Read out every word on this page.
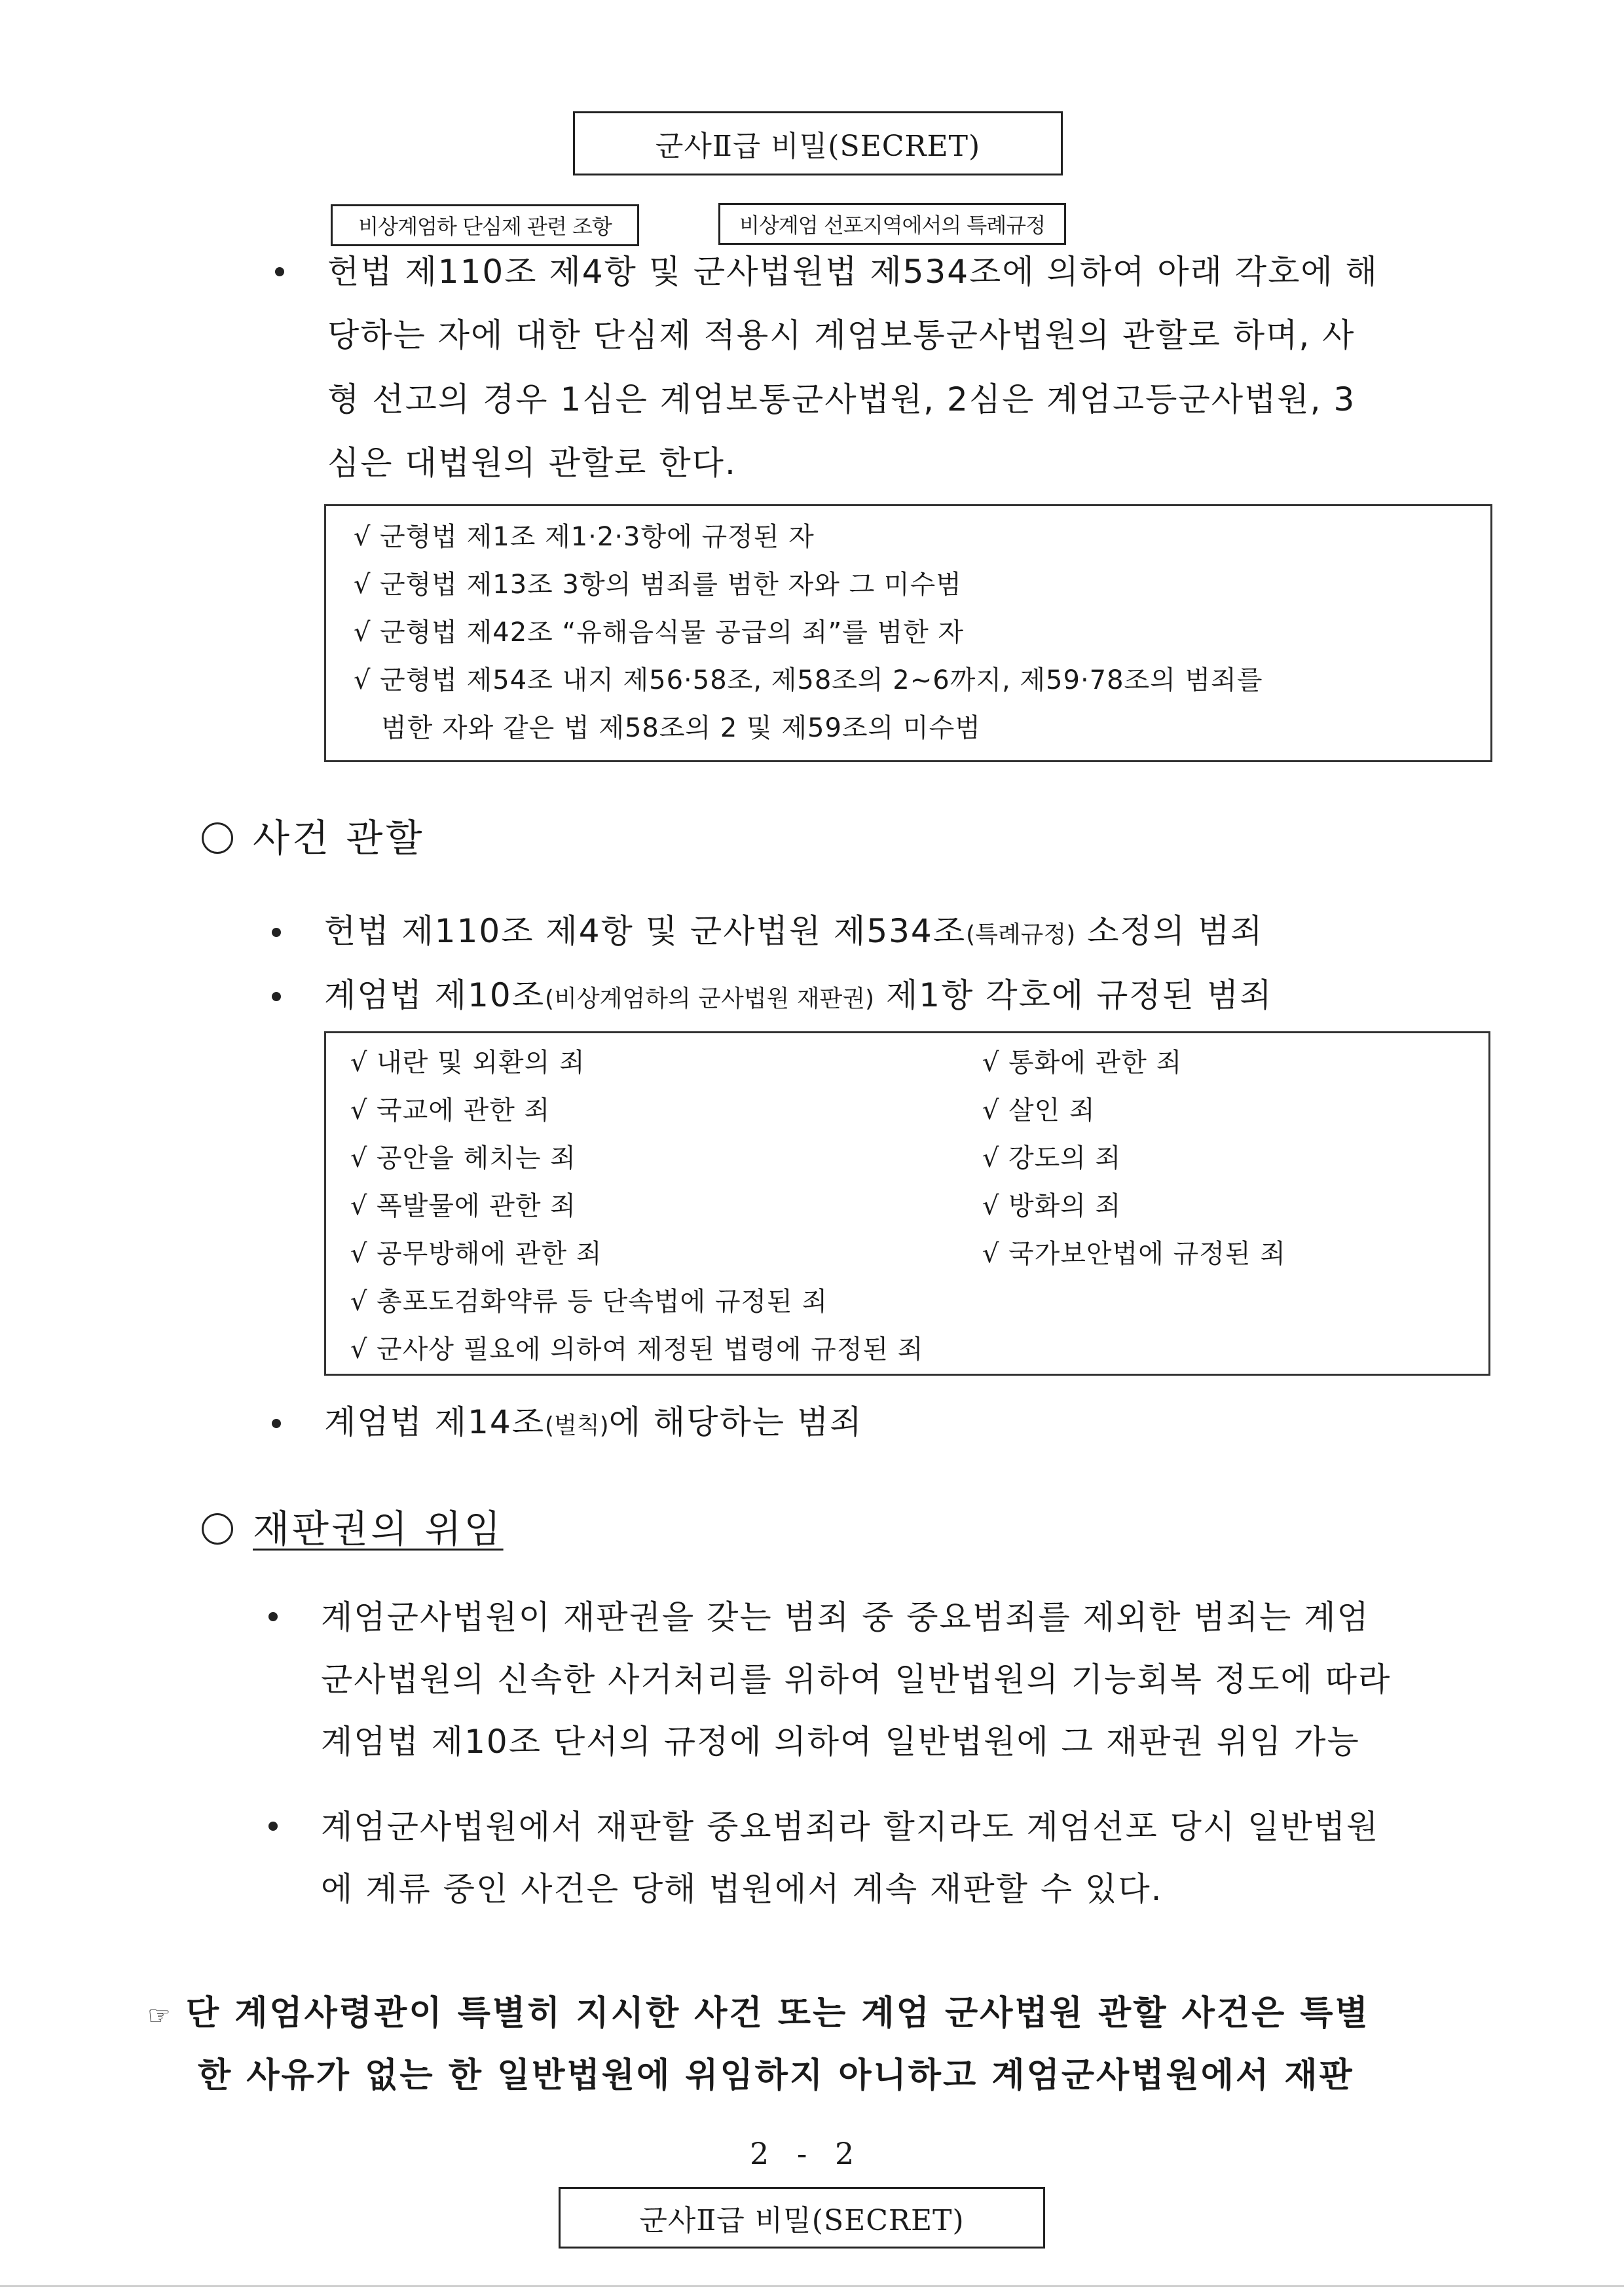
군사Ⅱ급 비밀(SECRET)
비상계엄하 단심제 관련 조항	비상계엄 선포지역에서의 특례규정
헌법 제110조 제4항 및 군사법원법 제534조에 의하여 아래 각호에 해
당하는 자에 대한 단심제 적용시 계엄보통군사법원의 관할로 하며, 사
형 선고의 경우 1심은 계엄보통군사법원, 2심은 계엄고등군사법원, 3
심은 대법원의 관할로 한다.
√ 군형법 제1조 제1·2·3항에 규정된 자
√ 군형법 제13조 3항의 범죄를 범한 자와 그 미수범
√ 군형법 제42조 “유해음식물 공급의 죄”를 범한 자
√ 군형법 제54조 내지 제56·58조, 제58조의 2~6까지, 제59·78조의 범죄를
범한 자와 같은 법 제58조의 2 및 제59조의 미수범
사건 관할
헌법 제110조 제4항 및 군사법원 제534조(특례규정) 소정의 범죄
계엄법 제10조(비상계엄하의 군사법원 재판권) 제1항 각호에 규정된 범죄
√ 내란 및 외환의 죄
√ 국교에 관한 죄
√ 공안을 헤치는 죄
√ 폭발물에 관한 죄
√ 공무방해에 관한 죄
√ 총포도검화약류 등 단속법에 규정된 죄
√ 군사상 필요에 의하여 제정된 법령에 규정된 죄
√ 통화에 관한 죄
√ 살인 죄
√ 강도의 죄
√ 방화의 죄
√ 국가보안법에 규정된 죄
계엄법 제14조(벌칙)에 해당하는 범죄
재판권의 위임
계엄군사법원이 재판권을 갖는 범죄 중 중요범죄를 제외한 범죄는 계엄
군사법원의 신속한 사거처리를 위하여 일반법원의 기능회복 정도에 따라
계엄법 제10조 단서의 규정에 의하여 일반법원에 그 재판권 위임 가능
계엄군사법원에서 재판할 중요범죄라 할지라도 계엄선포 당시 일반법원
에 계류 중인 사건은 당해 법원에서 계속 재판할 수 있다.
☞ 단 계엄사령관이 특별히 지시한 사건 또는 계엄 군사법원 관할 사건은 특별
한 사유가 없는 한 일반법원에 위임하지 아니하고 계엄군사법원에서 재판
2 - 2
군사Ⅱ급 비밀(SECRET)
